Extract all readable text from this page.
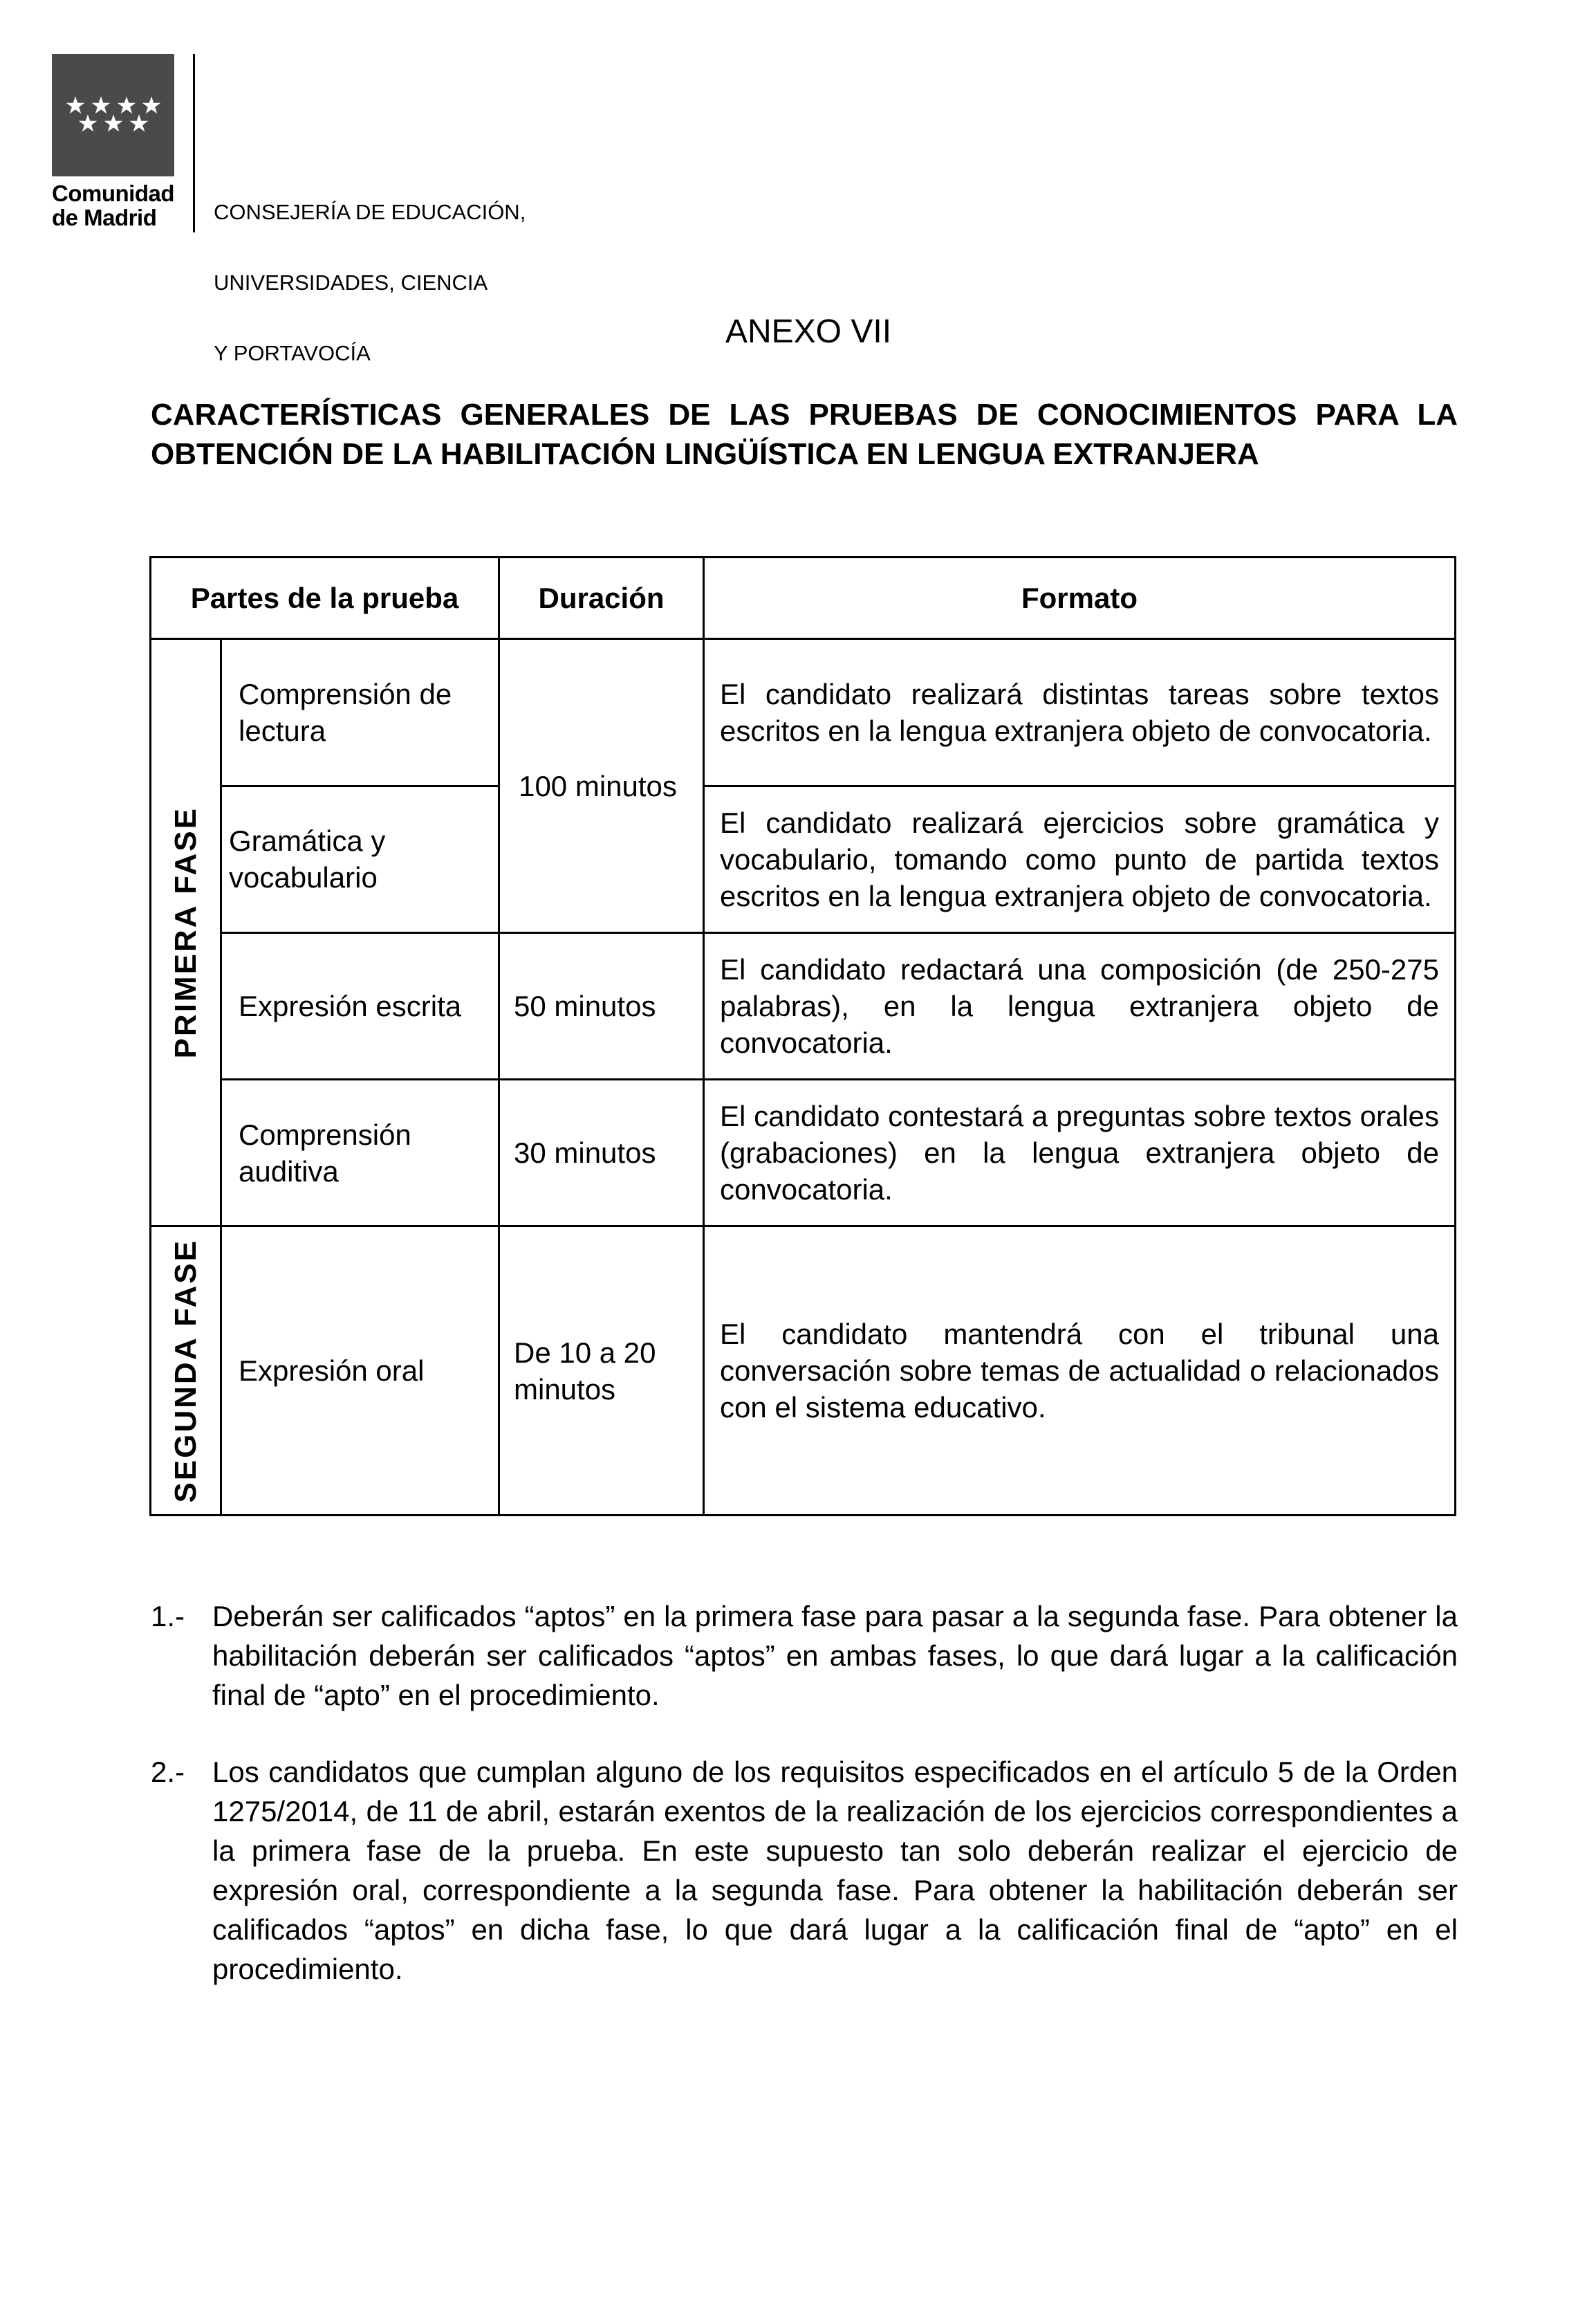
Comunidad
de Madrid

	CONSEJERÍA DE EDUCACIÓN,

UNIVERSIDADES, CIENCIA

Y PORTAVOCÍA

ANEXO VII
CARACTERÍSTICAS GENERALES DE LAS PRUEBAS DE CONOCIMIENTOS PARA LA OBTENCIÓN DE LA HABILITACIÓN LINGÜÍSTICA EN LENGUA EXTRANJERA
Partes de la prueba		Duración	Formato

PRIMERA FASE	Comprensión de lectura	100 minutos	El candidato realizará distintas tareas sobre textos escritos en la lengua extranjera objeto de convocatoria.
	Gramática y vocabulario		El candidato realizará ejercicios sobre gramática y vocabulario, tomando como punto de partida textos escritos en la lengua extranjera objeto de convocatoria.
	Expresión escrita	50 minutos	El candidato redactará una composición (de 250-275 palabras), en la lengua extranjera objeto de convocatoria.
	Comprensión auditiva	30 minutos	El candidato contestará a preguntas sobre textos orales (grabaciones) en la lengua extranjera objeto de convocatoria.

SEGUNDA FASE	Expresión oral	De 10 a 20 minutos	El candidato mantendrá con el tribunal una conversación sobre temas de actualidad o relacionados con el sistema educativo.
1.- Deberán ser calificados “aptos” en la primera fase para pasar a la segunda fase. Para obtener la habilitación deberán ser calificados “aptos” en ambas fases, lo que dará lugar a la calificación final de “apto” en el procedimiento.
2.- Los candidatos que cumplan alguno de los requisitos especificados en el artículo 5 de la Orden 1275/2014, de 11 de abril, estarán exentos de la realización de los ejercicios correspondientes a la primera fase de la prueba. En este supuesto tan solo deberán realizar el ejercicio de expresión oral, correspondiente a la segunda fase. Para obtener la habilitación deberán ser calificados “aptos” en dicha fase, lo que dará lugar a la calificación final de “apto” en el procedimiento.
